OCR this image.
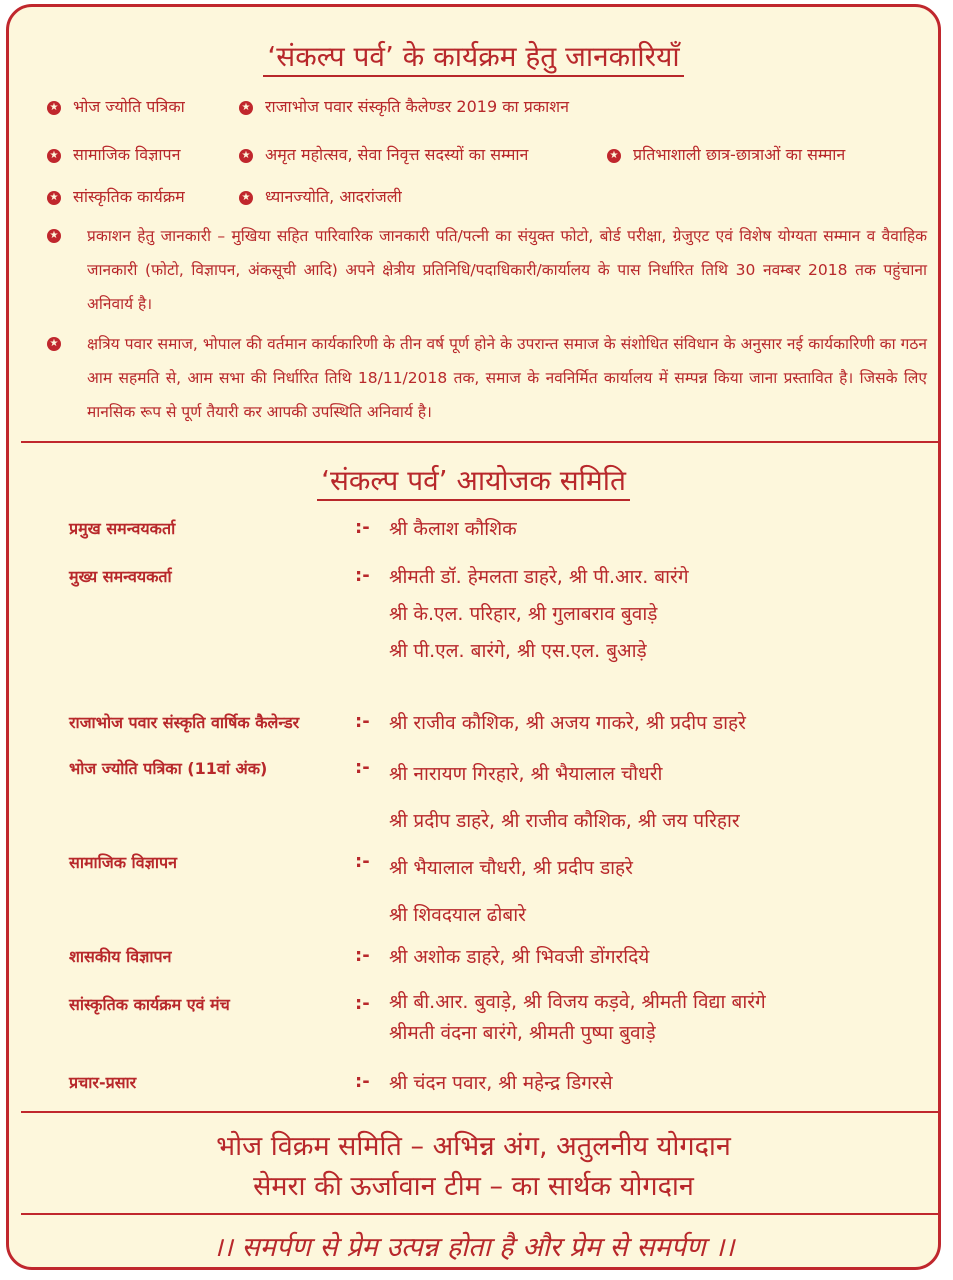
‘संकल्प पर्व’ के कार्यक्रम हेतु जानकारियाँ
★ भोज ज्योति पत्रिका	★ राजाभोज पवार संस्कृति कैलेण्डर 2019 का प्रकाशन
★ सामाजिक विज्ञापन	★ अमृत महोत्सव, सेवा निवृत्त सदस्यों का सम्मान	★ प्रतिभाशाली छात्र-छात्राओं का सम्मान
★ सांस्कृतिक कार्यक्रम	★ ध्यानज्योति, आदरांजली
★ प्रकाशन हेतु जानकारी – मुखिया सहित पारिवारिक जानकारी पति/पत्नी का संयुक्त फोटो, बोर्ड परीक्षा, ग्रेजुएट एवं विशेष योग्यता सम्मान व वैवाहिक जानकारी (फोटो, विज्ञापन, अंकसूची आदि) अपने क्षेत्रीय प्रतिनिधि/पदाधिकारी/कार्यालय के पास निर्धारित तिथि 30 नवम्बर 2018 तक पहुंचाना अनिवार्य है।
★ क्षत्रिय पवार समाज, भोपाल की वर्तमान कार्यकारिणी के तीन वर्ष पूर्ण होने के उपरान्त समाज के संशोधित संविधान के अनुसार नई कार्यकारिणी का गठन आम सहमति से, आम सभा की निर्धारित तिथि 18/11/2018 तक, समाज के नवनिर्मित कार्यालय में सम्पन्न किया जाना प्रस्तावित है। जिसके लिए मानसिक रूप से पूर्ण तैयारी कर आपकी उपस्थिति अनिवार्य है।
‘संकल्प पर्व’ आयोजक समिति
प्रमुख समन्वयकर्ता	:- श्री कैलाश कौशिक
मुख्य समन्वयकर्ता	:- श्रीमती डॉ. हेमलता डाहरे, श्री पी.आर. बारंगे
श्री के.एल. परिहार, श्री गुलाबराव बुवाड़े
श्री पी.एल. बारंगे, श्री एस.एल. बुआड़े
राजाभोज पवार संस्कृति वार्षिक कैलेन्डर	:- श्री राजीव कौशिक, श्री अजय गाकरे, श्री प्रदीप डाहरे
भोज ज्योति पत्रिका (11वां अंक)	:- श्री नारायण गिरहारे, श्री भैयालाल चौधरी
श्री प्रदीप डाहरे, श्री राजीव कौशिक, श्री जय परिहार
सामाजिक विज्ञापन	:- श्री भैयालाल चौधरी, श्री प्रदीप डाहरे
श्री शिवदयाल ढोबारे
शासकीय विज्ञापन	:- श्री अशोक डाहरे, श्री भिवजी डोंगरदिये
सांस्कृतिक कार्यक्रम एवं मंच	:- श्री बी.आर. बुवाड़े, श्री विजय कड़वे, श्रीमती विद्या बारंगे
श्रीमती वंदना बारंगे, श्रीमती पुष्पा बुवाड़े
प्रचार-प्रसार	:- श्री चंदन पवार, श्री महेन्द्र डिगरसे
भोज विक्रम समिति – अभिन्न अंग, अतुलनीय योगदान
सेमरा की ऊर्जावान टीम – का सार्थक योगदान
।। समर्पण से प्रेम उत्पन्न होता है और प्रेम से समर्पण ।।
